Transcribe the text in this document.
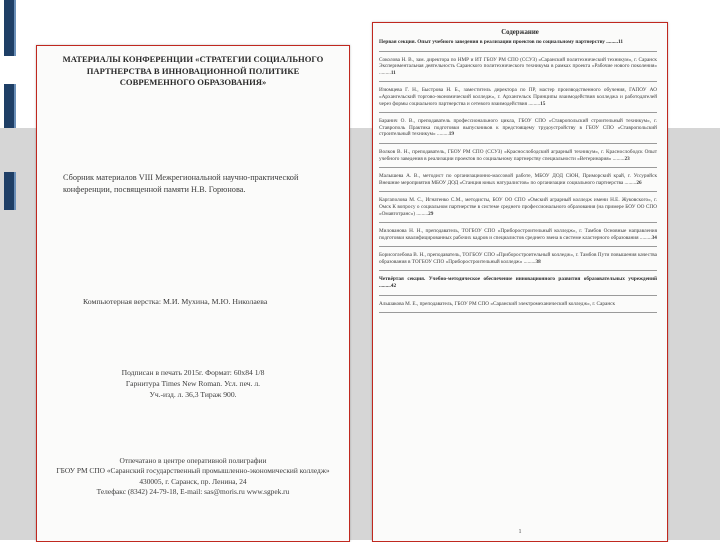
МАТЕРИАЛЫ КОНФЕРЕНЦИИ «СТРАТЕГИИ СОЦИАЛЬНОГО ПАРТНЕРСТВА В ИННОВАЦИОННОЙ ПОЛИТИКЕ СОВРЕМЕННОГО ОБРАЗОВАНИЯ»
Сборник материалов VIII Межрегиональной научно-практической конференции, посвященной памяти Н.В. Горюнова.
Компьютерная верстка: М.И. Мухина, М.Ю. Николаева
Подписан в печать 2015г. Формат: 60х84 1/8
Гарнитура Times New Roman. Усл. печ. л.
Уч.-изд. л. 36,3 Тираж 900.
Отпечатано в центре оперативной полиграфии
ГБОУ РМ СПО «Саранский государственный промышленно-экономический колледж»
430005, г. Саранск, пр. Ленина, 24
Телефакс (8342) 24-79-18, E-mail: sas@moris.ru www.sgpek.ru
Содержание
Первая секция. Опыт учебного заведения в реализации проектов по социальному партнерству .........11
Соколова Н. В., зам. директора по НМР и ИТ ГБОУ РМ СПО (ССУЗ) «Саранский политехнический техникум», г. Саранск Экспериментальная деятельность Саранского политехнического техникума в рамках проекта «Рабочие нового поколения» .........11
Изюмцева Г. Н., Быстрова Н. Б., заместитель директора по ПР, мастер производственного обучения, ГАПОУ АО «Архангельский торгово-экономический колледж», г. Архангельск Принципы взаимодействия колледжа и работодателей через формы социального партнерства и сетевого взаимодействия .........15
Баранич О. В., преподаватель профессионального цикла, ГБОУ СПО «Ставропольский строительный техникум», г. Ставрополь Практика подготовки выпускников к предстоящему трудоустройству в ГБОУ СПО «Ставропольский строительный техникум» .........19
Волков В. Н., преподаватель, ГБОУ РМ СПО (ССУЗ) «Краснослободский аграрный техникум», г. Краснослободск Опыт учебного заведения в реализации проектов по социальному партнерству специальности «Ветеринария» .........23
Малышева А. В., методист по организационно-массовой работе, МБОУ ДОД СЮН, Приморский край, г. Уссурийск Внешние мероприятия МБОУ ДОД «Станция юных натуралистов» по организации социального партнерства .........26
Каргаполова М. С., Игнатенко С.М., методисты, БОУ ОО СПО «Омский аграрный колледж имени Н.Е. Жуковского», г. Омск К вопросу о социальном партнерстве в системе среднего профессионального образования (на примере БОУ ОО СПО «Омавтотранс») .........29
Милованова Н. Н., преподаватель, ТОГБОУ СПО «Приборостроительный колледж», г. Тамбов Основные направления подготовки квалифицированных рабочих кадров и специалистов среднего звена в системе кластерного образования .........34
Борисоглебова В. Н., преподаватель, ТОГБОУ СПО «Приборостроительный колледж», г. Тамбов Пути повышения качества образования в ТОГБОУ СПО «Приборостроительный колледж» .........38
Четвёртая секция. Учебно-методическое обеспечение инновационного развития образовательных учреждений .........42
Альшакова М. Е., преподаватель, ГБОУ РМ СПО «Саранский электромеханический колледж», г. Саранск
1
